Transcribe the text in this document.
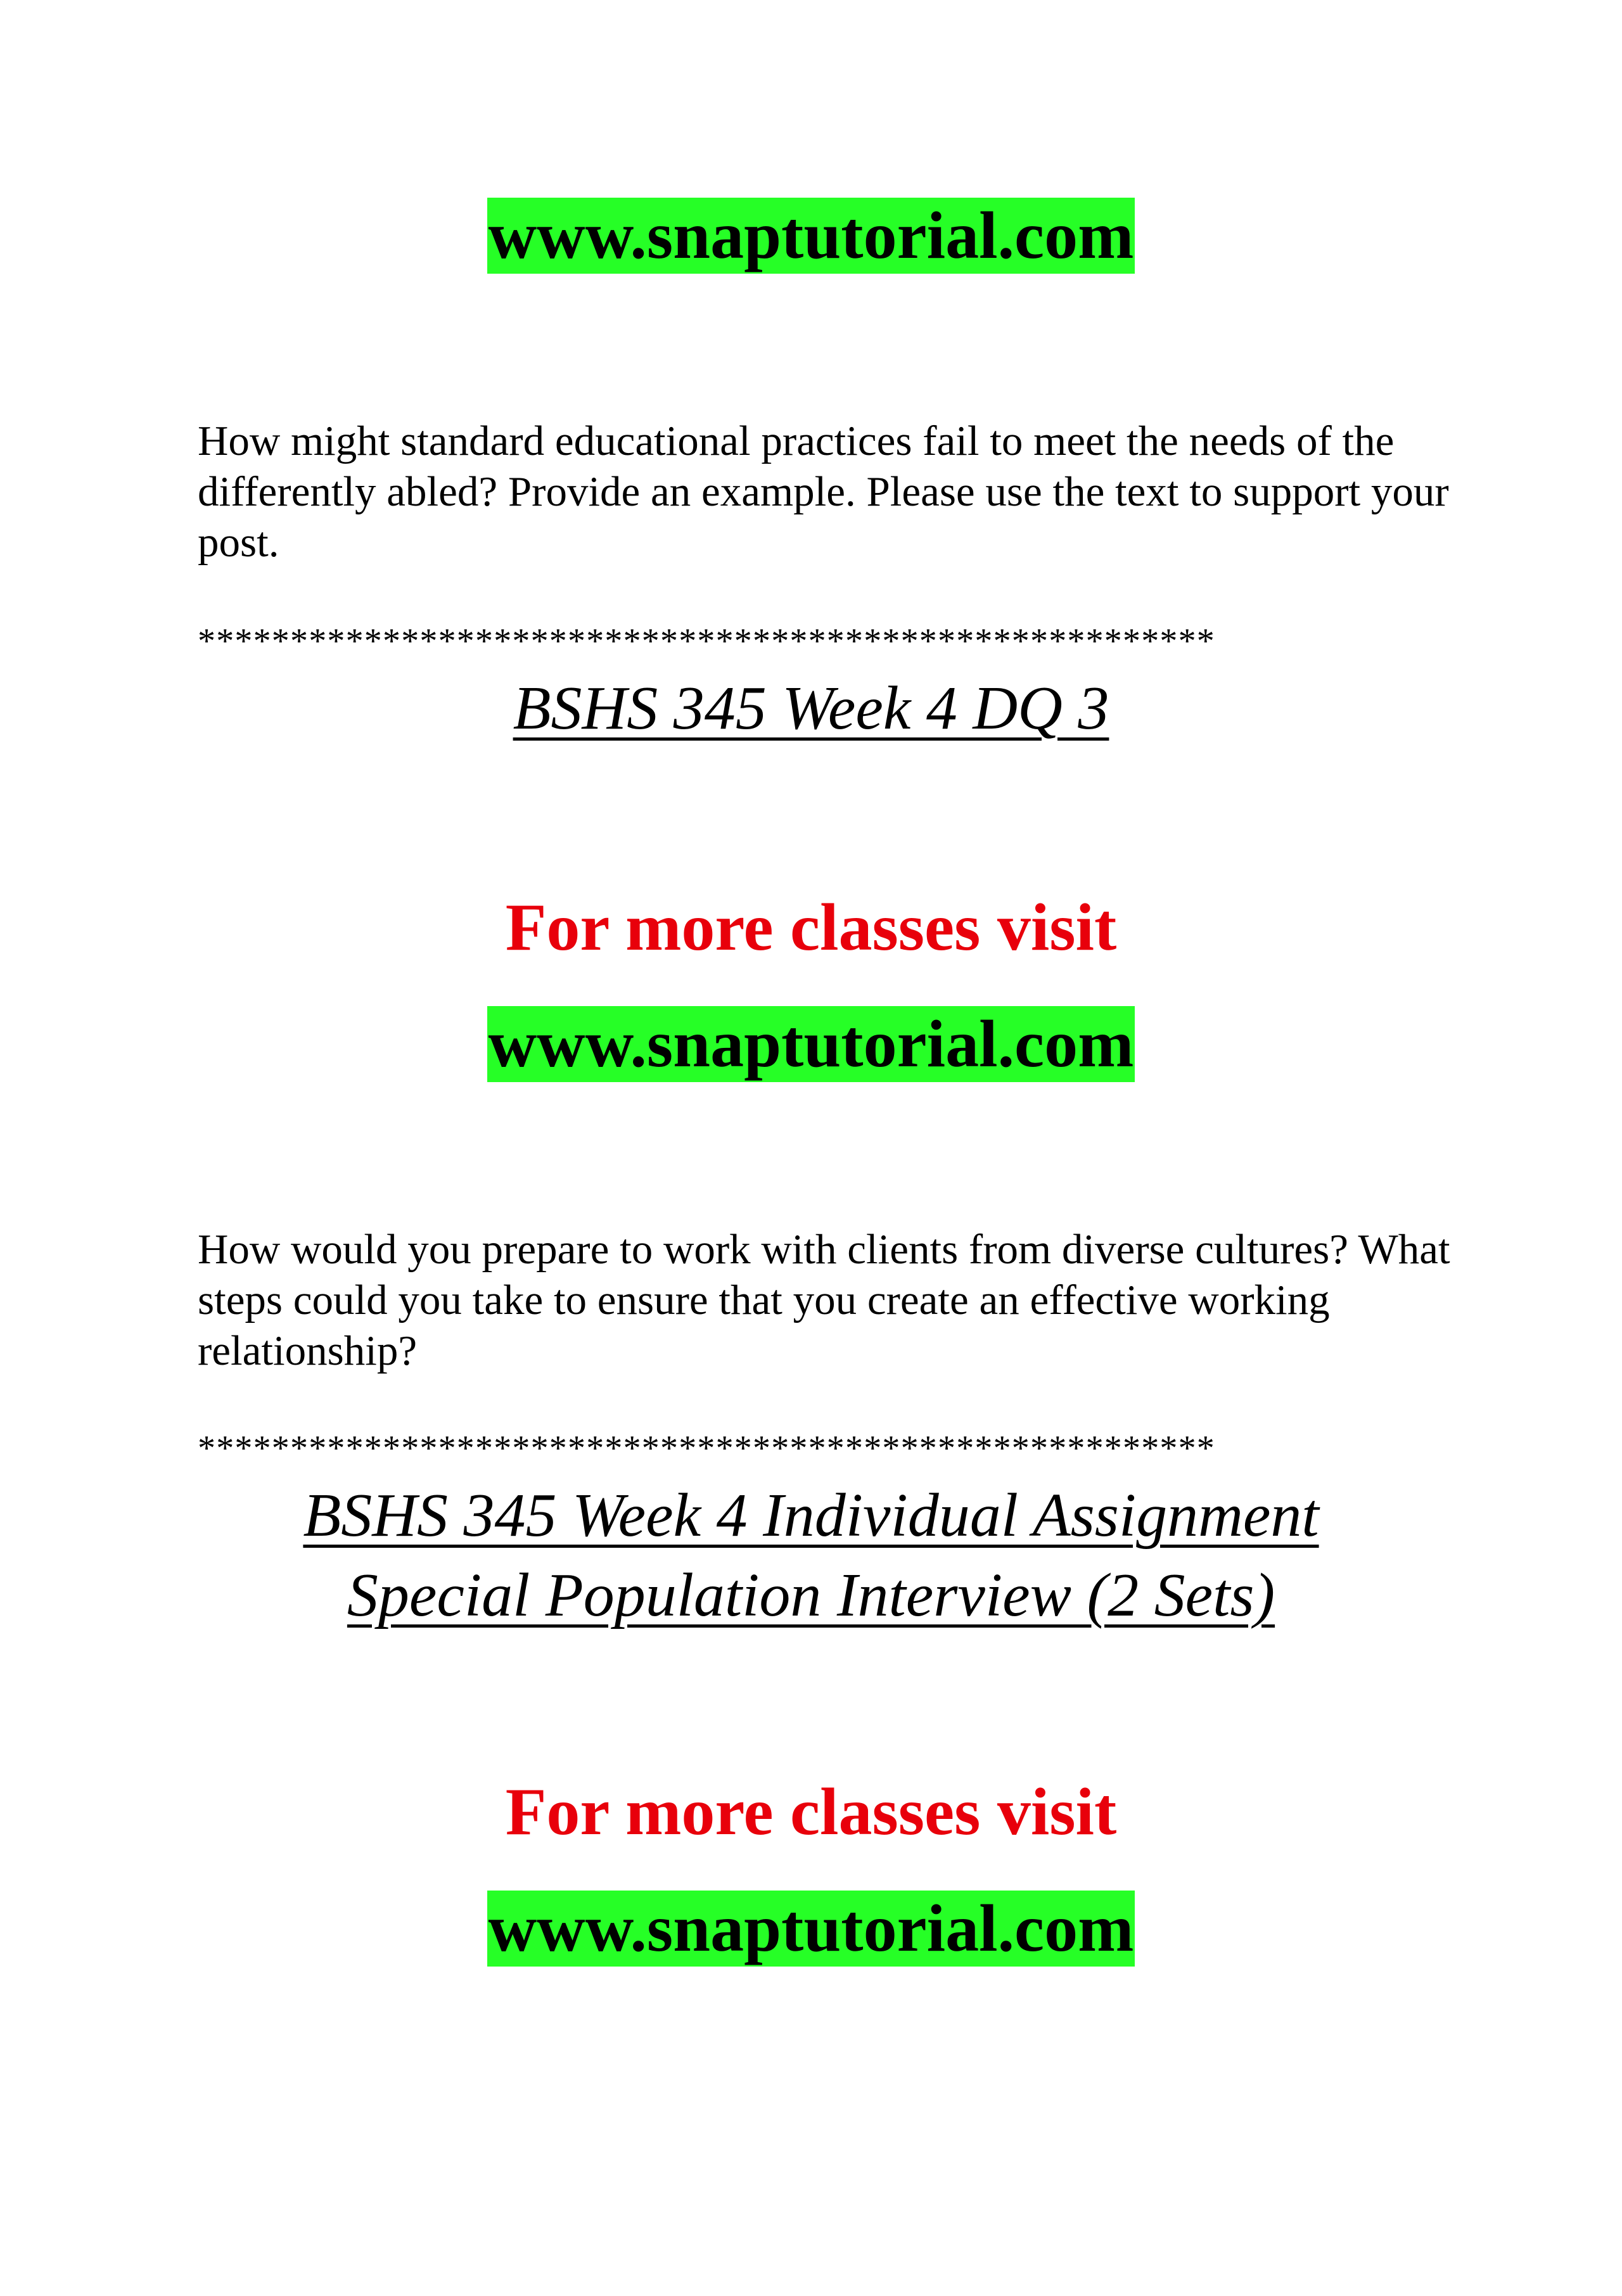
www.snaptutorial.com
How might standard educational practices fail to meet the needs of the differently abled? Provide an example. Please use the text to support your post.
*******************************************************
BSHS 345 Week 4 DQ 3
For more classes visit
www.snaptutorial.com
How would you prepare to work with clients from diverse cultures? What steps could you take to ensure that you create an effective working relationship?
*******************************************************
BSHS 345 Week 4 Individual Assignment
Special Population Interview (2 Sets)
For more classes visit
www.snaptutorial.com
